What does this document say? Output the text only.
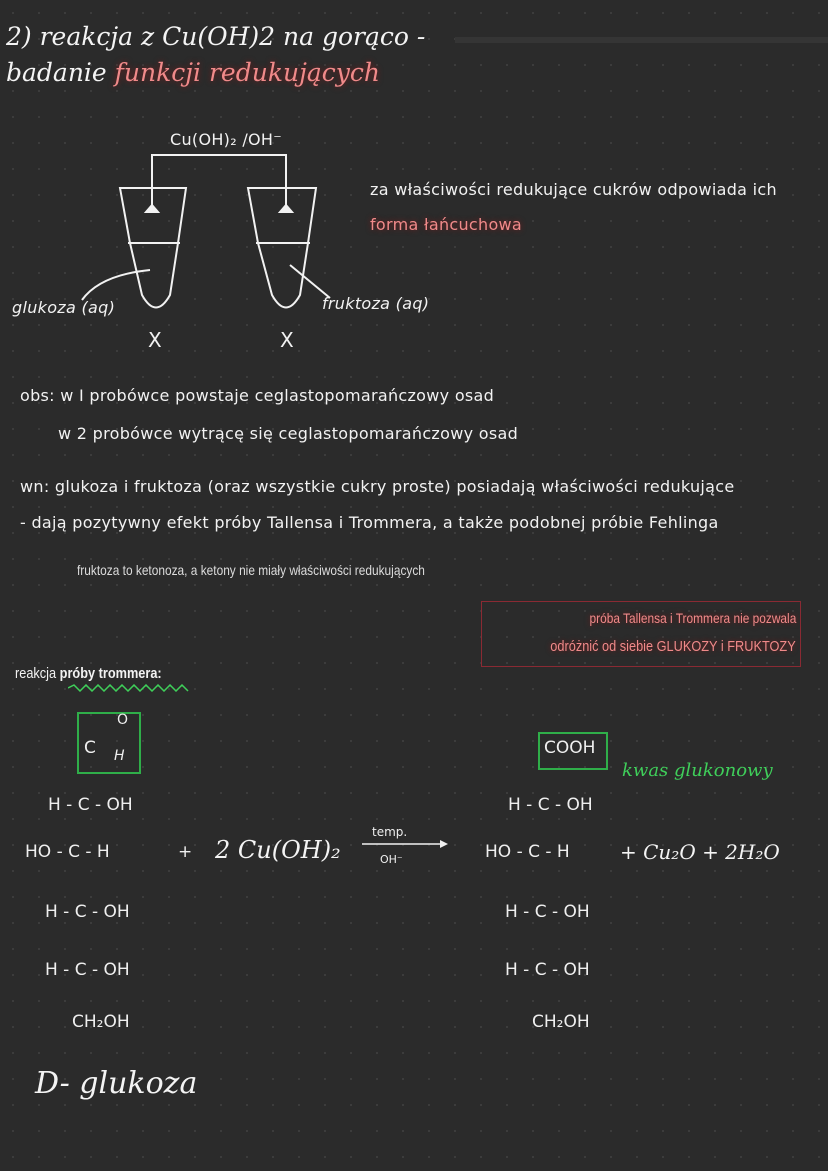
2) reakcja z Cu(OH)2 na gorąco -
badanie funkcji redukujących
Cu(OH)₂ /OH⁻
glukoza (aq)	fruktoza (aq)
X	X
za właściwości redukujące cukrów odpowiada ich
forma łańcuchowa
obs: w I probówce powstaje ceglastopomarańczowy osad
w 2 probówce wytrącę się ceglastopomarańczowy osad
wn: glukoza i fruktoza (oraz wszystkie cukry proste) posiadają właściwości redukujące
- dają pozytywny efekt próby Tallensa i Trommera, a także podobnej próbie Fehlinga
fruktoza to ketonoza, a ketony nie miały właściwości redukujących
próba Tallensa i Trommera nie pozwala
odróżnić od siebie GLUKOZY i FRUKTOZY
reakcja próby trommera:
O
C H
H - C - OH
HO - C - H
H - C - OH
H - C - OH
CH₂OH
D- glukoza
+ 2 Cu(OH)₂
temp.
OH⁻
COOH
kwas glukonowy
H - C - OH
HO - C - H
H - C - OH
H - C - OH
CH₂OH
+ Cu₂O + 2H₂O
